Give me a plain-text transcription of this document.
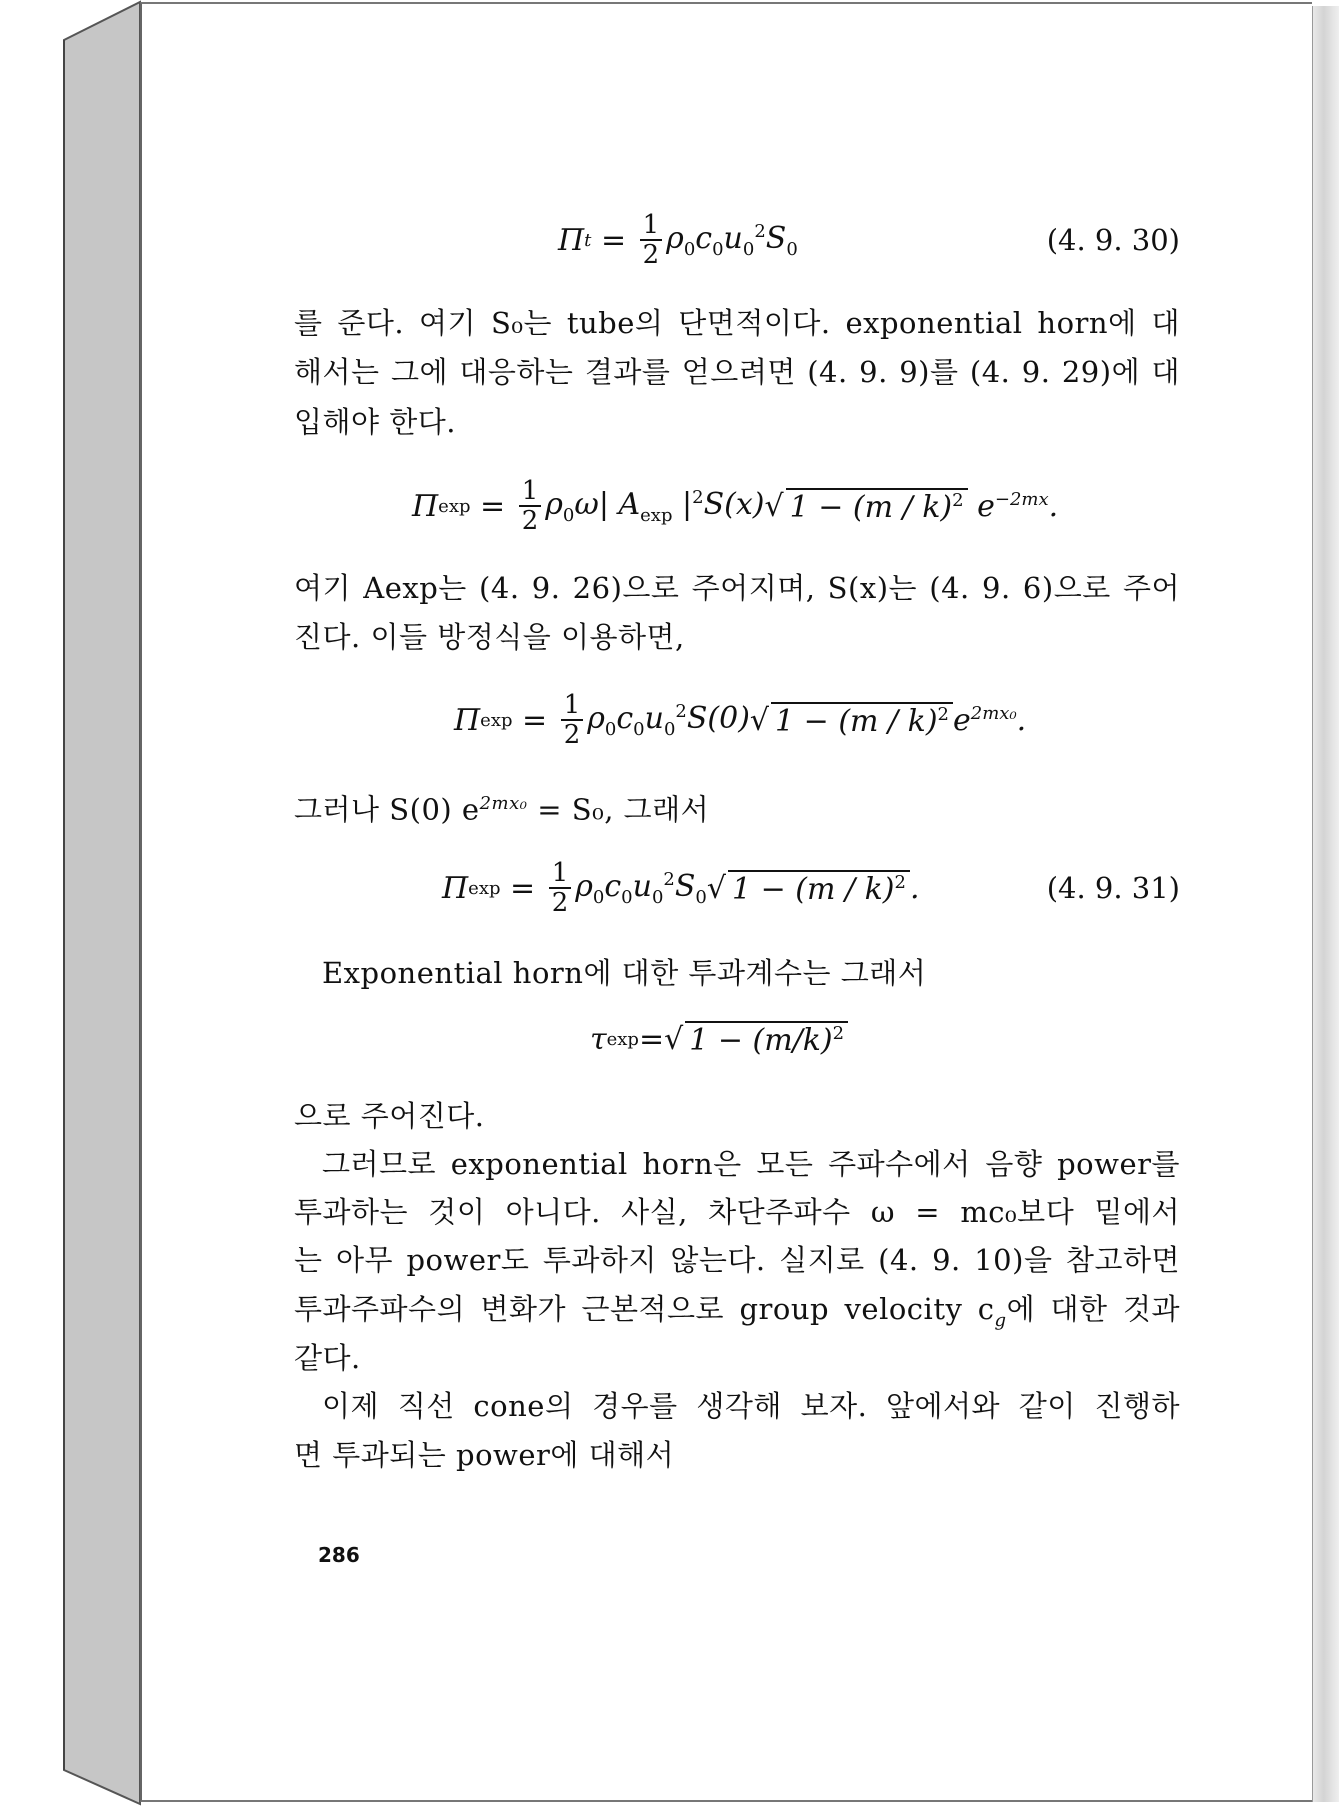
Π $t = \frac{1}{2} \rho_0c_0u_0^2S_0$	(4. 9. 30)
를 준다. 여기 S₀는 tube의 단면적이다. exponential horn에 대
해서는 그에 대응하는 결과를 얻으려면 (4. 9. 9)를 (4. 9. 29)에 대
입해야 한다.
Π $\exp = \frac{1}{2} \rho_0\omega|$ $A_{exp}$ $|^2S(x)$ √ 1 − (m / k)$^2$ $e^{-2mx}$.
여기 Aexp는 (4. 9. 26)으로 주어지며, S(x)는 (4. 9. 6)으로 주어
진다. 이들 방정식을 이용하면,
Π $\exp = \frac{1}{2} \rho_0c_0u_0^2S(0)$ √ 1 − (m / k)$^2$ $e^{2mx_0}$.
그러나 S(0) $e^{2mx_0} = S_0$, 그래서
Π $\exp = \frac{1}{2} \rho_0c_0u_0^2S_0$ √ 1 − (m / k)$^2$ .	(4. 9. 31)
Exponential horn에 대한 투과계수는 그래서
τ exp = √ $1 - (m/k)^2$
으로 주어진다.
그러므로 exponential horn은 모든 주파수에서 음향 power를
투과하는 것이 아니다. 사실, 차단주파수 ω = mc₀보다 밑에서
는 아무 power도 투과하지 않는다. 실지로 (4. 9. 10)을 참고하면
투과주파수의 변화가 근본적으로 group velocity $c_g$에 대한 것과
같다.
이제 직선 cone의 경우를 생각해 보자. 앞에서와 같이 진행하
면 투과되는 power에 대해서
286
